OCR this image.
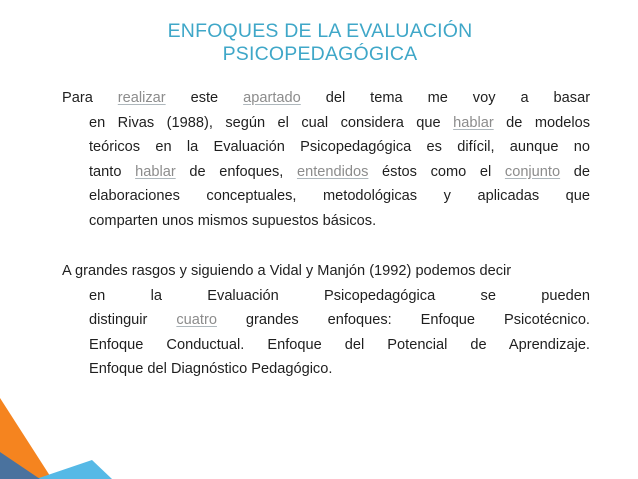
ENFOQUES DE LA EVALUACIÓN
PSICOPEDAGÓGICA
Para realizar este apartado del tema me voy a basar
en Rivas (1988), según el cual considera que hablar de modelos
teóricos en la Evaluación Psicopedagógica es difícil, aunque no
tanto hablar de enfoques, entendidos éstos como el conjunto de
elaboraciones conceptuales, metodológicas y aplicadas que
comparten unos mismos supuestos básicos.
A grandes rasgos y siguiendo a Vidal y Manjón (1992) podemos decir
en la Evaluación Psicopedagógica se pueden
distinguir cuatro grandes enfoques: Enfoque Psicotécnico.
Enfoque Conductual. Enfoque del Potencial de Aprendizaje.
Enfoque del Diagnóstico Pedagógico.
